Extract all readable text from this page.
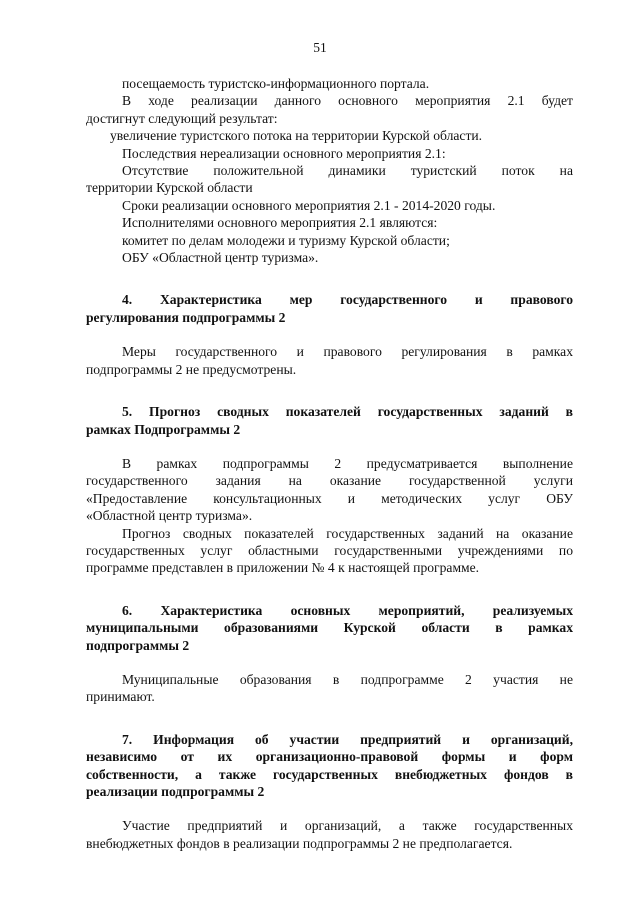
51

посещаемость туристско-информационного портала.

В ходе реализации данного основного мероприятия 2.1 будет

достигнут следующий результат:

увеличение туристского потока на территории Курской области.

Последствия нереализации основного мероприятия 2.1:

Отсутствие положительной динамики туристский поток на

территории Курской области

Сроки реализации основного мероприятия 2.1 - 2014-2020 годы.

Исполнителями основного мероприятия 2.1 являются:

комитет по делам молодежи и туризму Курской области;

ОБУ «Областной центр туризма».

4. Характеристика мер государственного и правового

регулирования подпрограммы 2

Меры государственного и правового регулирования в рамках

подпрограммы 2 не предусмотрены.

5. Прогноз сводных показателей государственных заданий в

рамках Подпрограммы 2

В рамках подпрограммы 2 предусматривается выполнение

государственного задания на оказание государственной услуги

«Предоставление консультационных и методических услуг ОБУ

«Областной центр туризма».

Прогноз сводных показателей государственных заданий на оказание

государственных услуг областными государственными учреждениями по

программе представлен в приложении № 4 к настоящей программе.

6. Характеристика основных мероприятий, реализуемых

муниципальными образованиями Курской области в рамках

подпрограммы 2

Муниципальные образования в подпрограмме 2 участия не

принимают.

7. Информация об участии предприятий и организаций,

независимо от их организационно-правовой формы и форм

собственности, а также государственных внебюджетных фондов в

реализации подпрограммы 2

Участие предприятий и организаций, а также государственных

внебюджетных фондов в реализации подпрограммы 2 не предполагается.
